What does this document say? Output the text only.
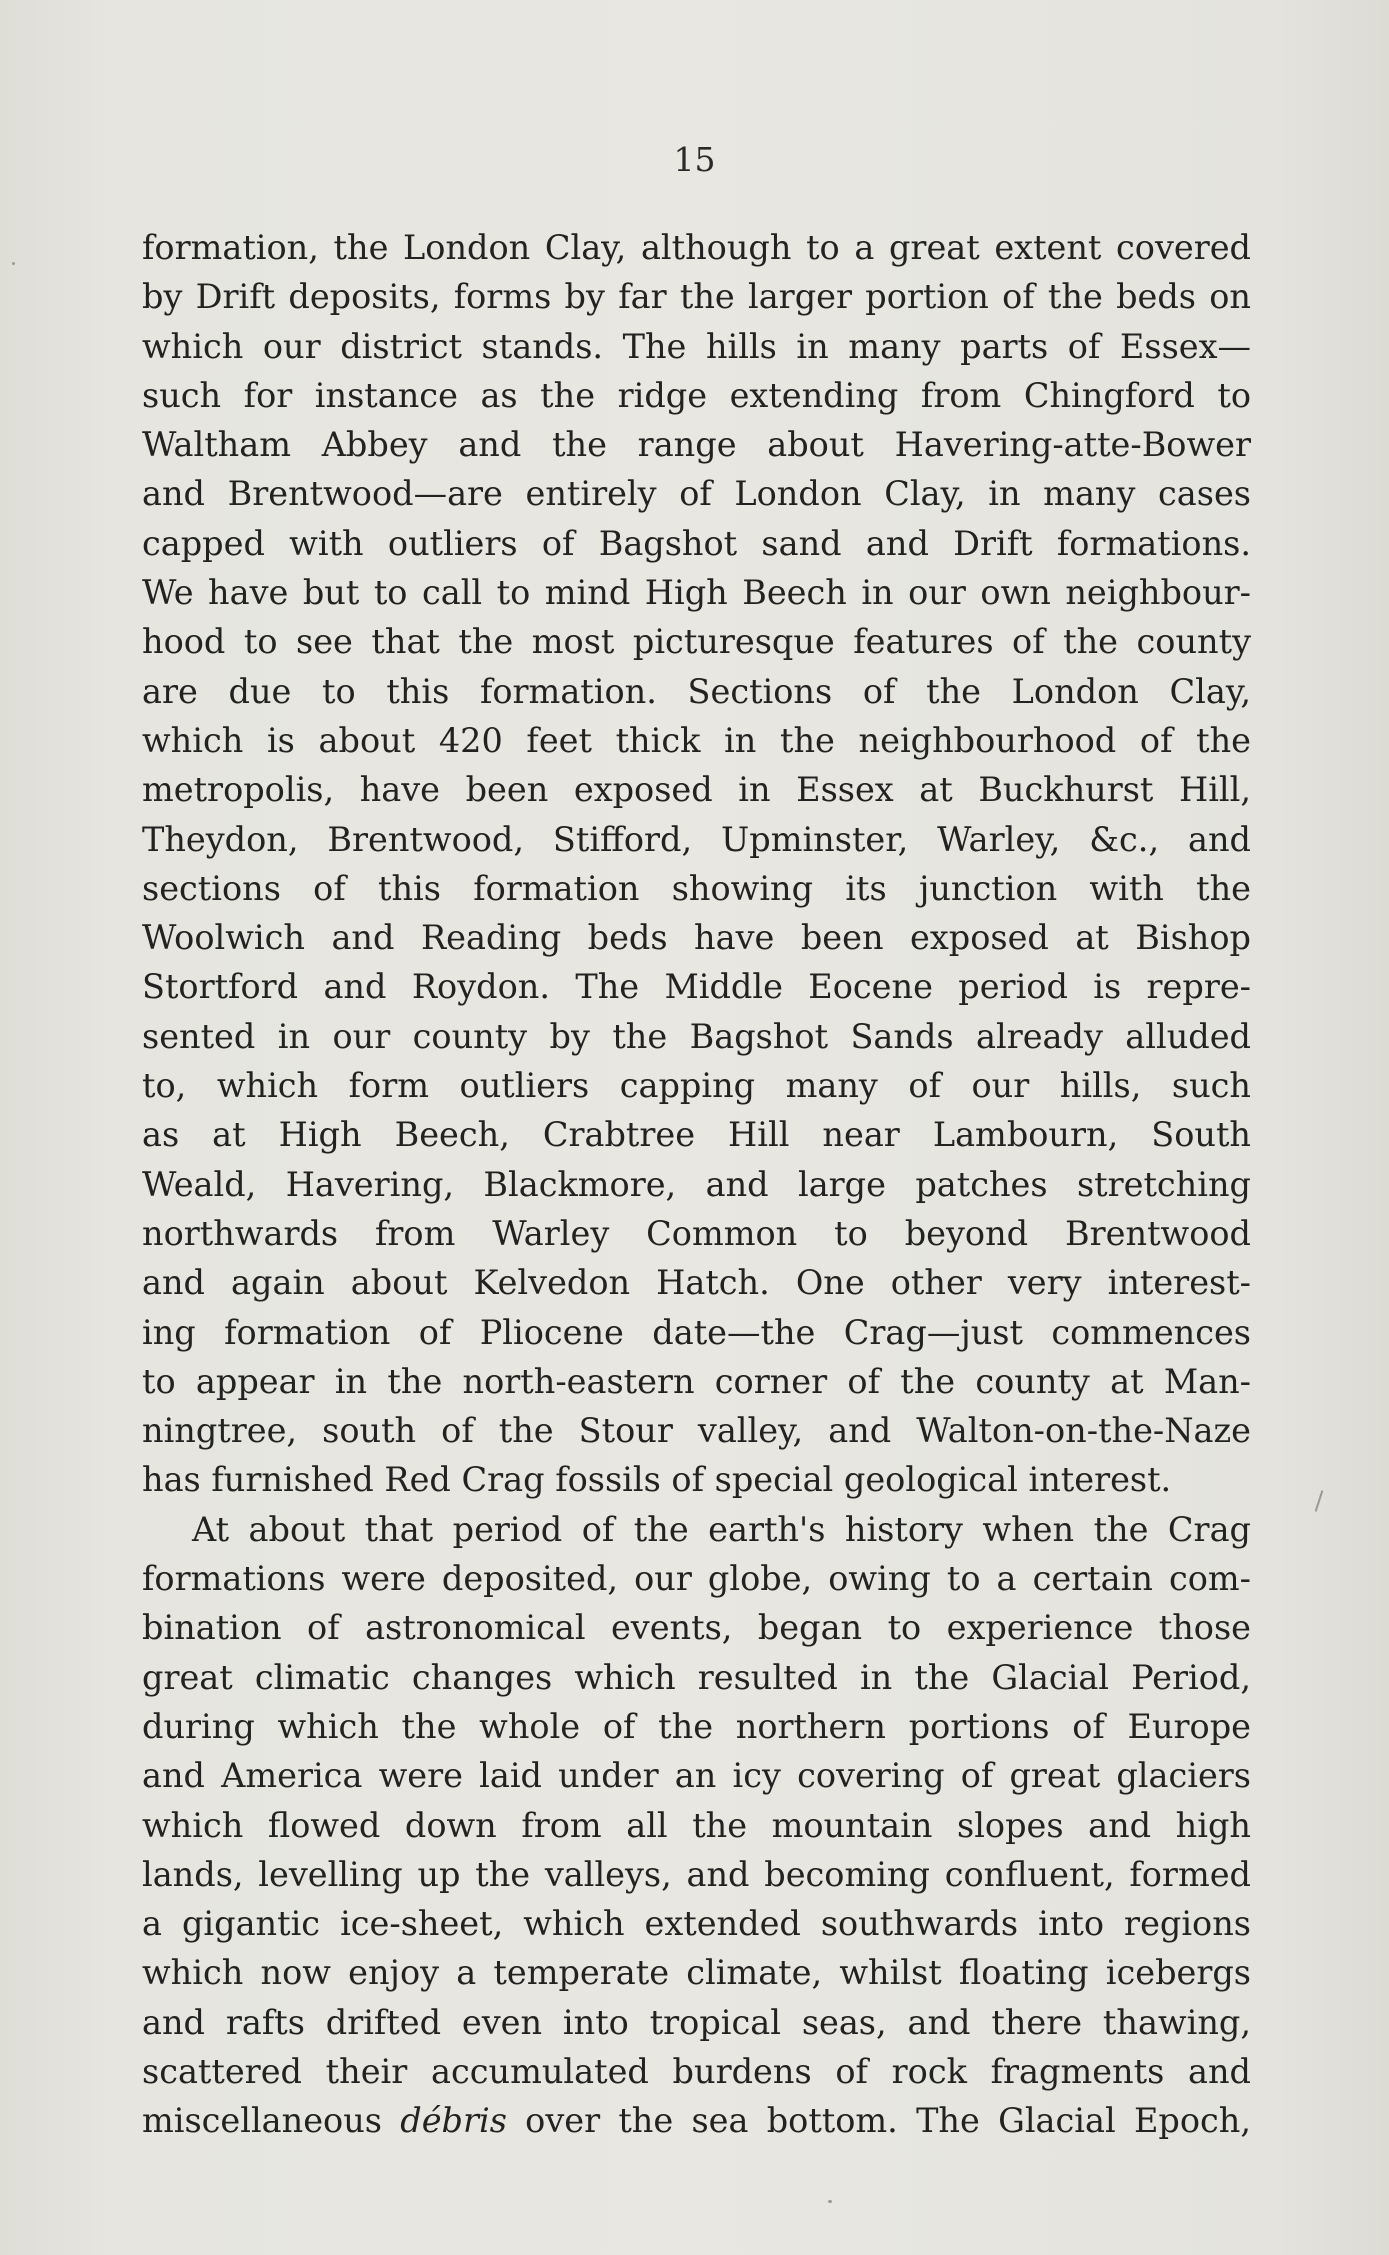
15
formation, the London Clay, although to a great extent covered
by Drift deposits, forms by far the larger portion of the beds on
which our district stands. The hills in many parts of Essex—
such for instance as the ridge extending from Chingford to
Waltham Abbey and the range about Havering-atte-Bower
and Brentwood—are entirely of London Clay, in many cases
capped with outliers of Bagshot sand and Drift formations.
We have but to call to mind High Beech in our own neighbour-
hood to see that the most picturesque features of the county
are due to this formation. Sections of the London Clay,
which is about 420 feet thick in the neighbourhood of the
metropolis, have been exposed in Essex at Buckhurst Hill,
Theydon, Brentwood, Stifford, Upminster, Warley, &c., and
sections of this formation showing its junction with the
Woolwich and Reading beds have been exposed at Bishop
Stortford and Roydon. The Middle Eocene period is repre-
sented in our county by the Bagshot Sands already alluded
to, which form outliers capping many of our hills, such
as at High Beech, Crabtree Hill near Lambourn, South
Weald, Havering, Blackmore, and large patches stretching
northwards from Warley Common to beyond Brentwood
and again about Kelvedon Hatch. One other very interest-
ing formation of Pliocene date—the Crag—just commences
to appear in the north-eastern corner of the county at Man-
ningtree, south of the Stour valley, and Walton-on-the-Naze
has furnished Red Crag fossils of special geological interest.
At about that period of the earth's history when the Crag
formations were deposited, our globe, owing to a certain com-
bination of astronomical events, began to experience those
great climatic changes which resulted in the Glacial Period,
during which the whole of the northern portions of Europe
and America were laid under an icy covering of great glaciers
which flowed down from all the mountain slopes and high
lands, levelling up the valleys, and becoming confluent, formed
a gigantic ice-sheet, which extended southwards into regions
which now enjoy a temperate climate, whilst floating icebergs
and rafts drifted even into tropical seas, and there thawing,
scattered their accumulated burdens of rock fragments and
miscellaneous débris over the sea bottom. The Glacial Epoch,
